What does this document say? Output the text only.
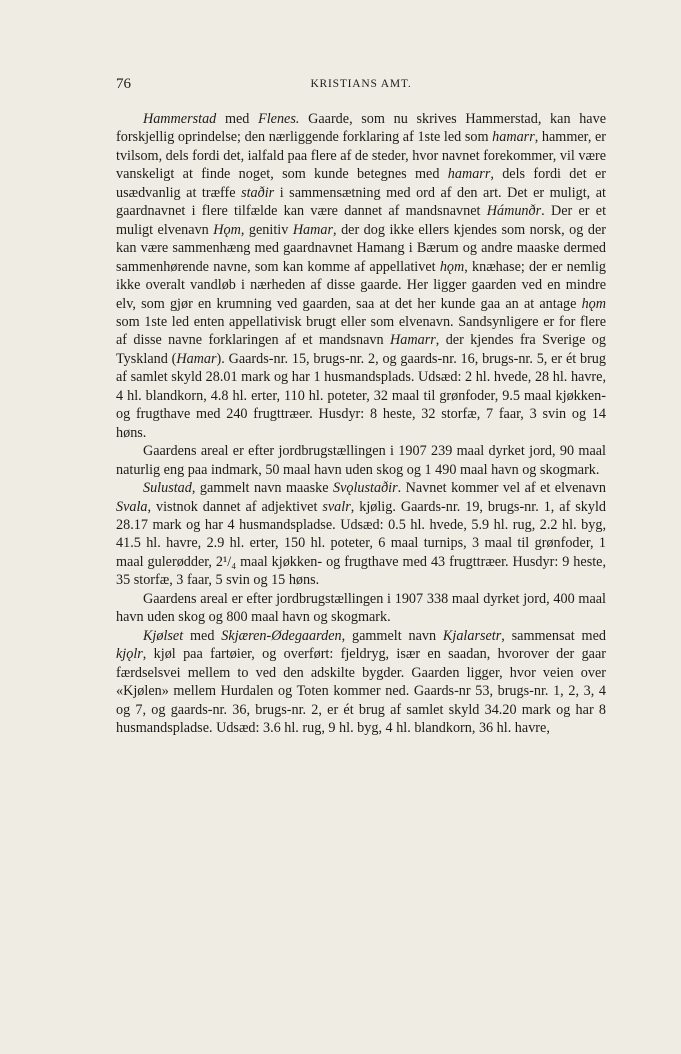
76	KRISTIANS AMT.

Hammerstad med Flenes. Gaarde, som nu skrives Hammerstad, kan have forskjellig oprindelse; den nærliggende forklaring af 1ste led som hamarr, hammer, er tvilsom, dels fordi det, ialfald paa flere af de steder, hvor navnet forekommer, vil være vanskeligt at finde noget, som kunde betegnes med hamarr, dels fordi det er usædvanlig at træffe staðir i sammensætning med ord af den art. Det er muligt, at gaardnavnet i flere tilfælde kan være dannet af mandsnavnet Hámunðr. Der er et muligt elvenavn Hǫm, genitiv Hamar, der dog ikke ellers kjendes som norsk, og der kan være sammenhæng med gaardnavnet Hamang i Bærum og andre maaske dermed sammenhørende navne, som kan komme af appellativet hǫm, knæhase; der er nemlig ikke overalt vandløb i nærheden af disse gaarde. Her ligger gaarden ved en mindre elv, som gjør en krumning ved gaarden, saa at det her kunde gaa an at antage hǫm som 1ste led enten appellativisk brugt eller som elvenavn. Sandsynligere er for flere af disse navne forklaringen af et mandsnavn Hamarr, der kjendes fra Sverige og Tyskland (Hamar). Gaards-nr. 15, brugs-nr. 2, og gaards-nr. 16, brugs-nr. 5, er ét brug af samlet skyld 28.01 mark og har 1 husmandsplads. Udsæd: 2 hl. hvede, 28 hl. havre, 4 hl. blandkorn, 4.8 hl. erter, 110 hl. poteter, 32 maal til grønfoder, 9.5 maal kjøkken- og frugthave med 240 frugttræer. Husdyr: 8 heste, 32 storfæ, 7 faar, 3 svin og 14 høns.

Gaardens areal er efter jordbrugstællingen i 1907 239 maal dyrket jord, 90 maal naturlig eng paa indmark, 50 maal havn uden skog og 1 490 maal havn og skogmark.

Sulustad, gammelt navn maaske Svǫlustaðir. Navnet kommer vel af et elvenavn Svala, vistnok dannet af adjektivet svalr, kjølig. Gaards-nr. 19, brugs-nr. 1, af skyld 28.17 mark og har 4 husmandspladse. Udsæd: 0.5 hl. hvede, 5.9 hl. rug, 2.2 hl. byg, 41.5 hl. havre, 2.9 hl. erter, 150 hl. poteter, 6 maal turnips, 3 maal til grønfoder, 1 maal gulerødder, 2¹/₄ maal kjøkken- og frugthave med 43 frugttræer. Husdyr: 9 heste, 35 storfæ, 3 faar, 5 svin og 15 høns.

Gaardens areal er efter jordbrugstællingen i 1907 338 maal dyrket jord, 400 maal havn uden skog og 800 maal havn og skogmark.

Kjølset med Skjæren-Ødegaarden, gammelt navn Kjalarsetr, sammensat med kjǫlr, kjøl paa fartøier, og overført: fjeldryg, især en saadan, hvorover der gaar færdselsvei mellem to ved den adskilte bygder. Gaarden ligger, hvor veien over «Kjølen» mellem Hurdalen og Toten kommer ned. Gaards-nr 53, brugs-nr. 1, 2, 3, 4 og 7, og gaards-nr. 36, brugs-nr. 2, er ét brug af samlet skyld 34.20 mark og har 8 husmandspladse. Udsæd: 3.6 hl. rug, 9 hl. byg, 4 hl. blandkorn, 36 hl. havre,
